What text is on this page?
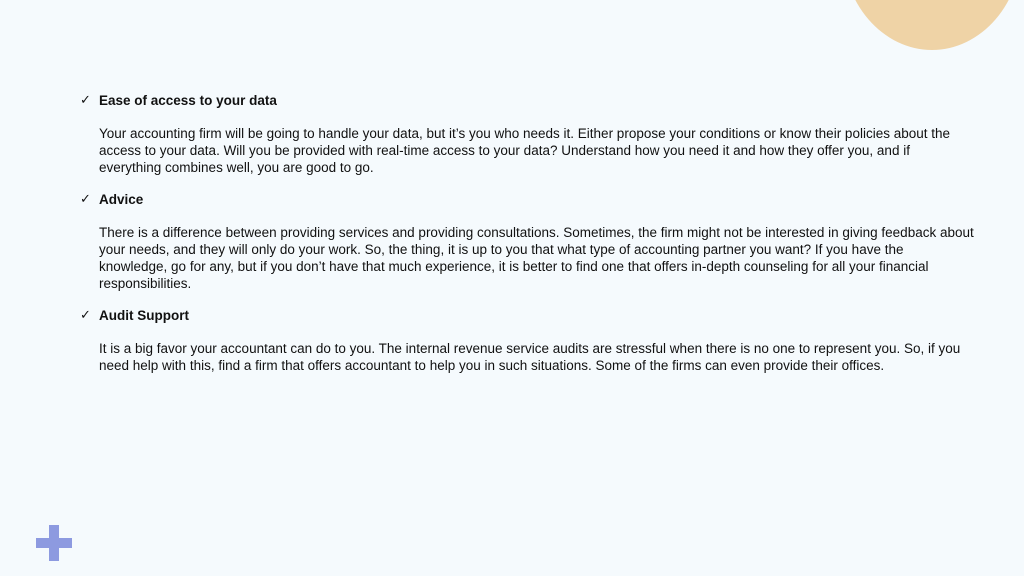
✓ Ease of access to your data

Your accounting firm will be going to handle your data, but it’s you who needs it. Either propose your conditions or know their policies about the access to your data. Will you be provided with real-time access to your data? Understand how you need it and how they offer you, and if everything combines well, you are good to go.

✓ Advice

There is a difference between providing services and providing consultations. Sometimes, the firm might not be interested in giving feedback about your needs, and they will only do your work. So, the thing, it is up to you that what type of accounting partner you want? If you have the knowledge, go for any, but if you don’t have that much experience, it is better to find one that offers in-depth counseling for all your financial responsibilities.

✓ Audit Support

It is a big favor your accountant can do to you. The internal revenue service audits are stressful when there is no one to represent you. So, if you need help with this, find a firm that offers accountant to help you in such situations. Some of the firms can even provide their offices.
